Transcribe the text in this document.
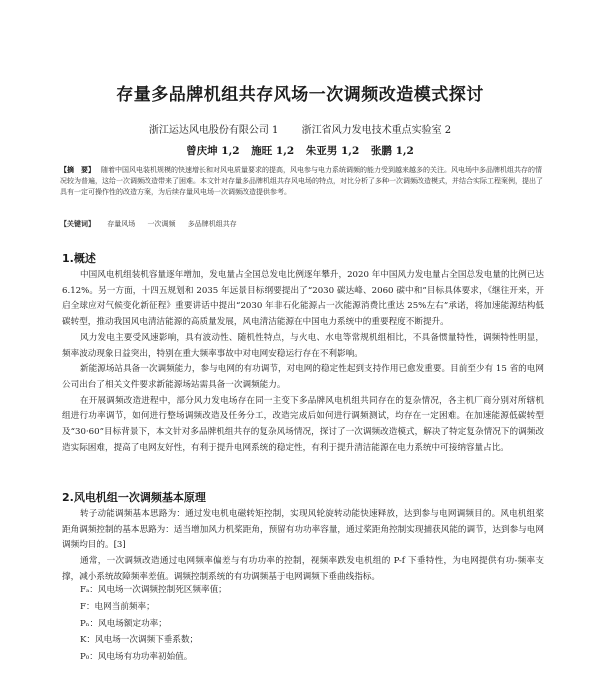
存量多品牌机组共存风场一次调频改造模式探讨
浙江运达风电股份有限公司 1 浙江省风力发电技术重点实验室 2
曾庆坤 1,2 施旺 1,2 朱亚男 1,2 张鹏 1,2
【摘　要】 随着中国风电装机规模的快速增长和对风电质量要求的提高，风电参与电力系统调频的能力受到越来越多的关注。风电场中多品牌机组共存的情况较为普遍，这给一次调频改造带来了困难。本文针对存量多品牌机组共存风电场的特点，对比分析了多种一次调频改造模式，并结合实际工程案例，提出了具有一定可操作性的改造方案，为后续存量风电场一次调频改造提供参考。
【关键词】 存量风场 一次调频 多品牌机组共存
1.概述

中国风电机组装机容量逐年增加，发电量占全国总发电比例逐年攀升，2020 年中国风力发电量占全国总发电量的比例已达 6.12%。另一方面，十四五规划和 2035 年远景目标纲要提出了“2030 碳达峰、2060 碳中和”目标具体要求，《继往开来，开启全球应对气候变化新征程》重要讲话中提出“2030 年非石化能源占一次能源消费比重达 25%左右”承诺，将加速能源结构低碳转型，推动我国风电清洁能源的高质量发展，风电清洁能源在中国电力系统中的重要程度不断提升。

风力发电主要受风速影响，具有波动性、随机性特点，与火电、水电等常规机组相比，不具备惯量特性，调频特性明显，频率波动现象日益突出，特别在重大频率事故中对电网安稳运行存在不利影响。

新能源场站具备一次调频能力，参与电网的有功调节，对电网的稳定性起到支持作用已愈发重要。目前至少有 15 省的电网公司出台了相关文件要求新能源场站需具备一次调频能力。

在开展调频改造进程中，部分风力发电场存在同一主变下多品牌风电机组共同存在的复杂情况，各主机厂商分别对所辖机组进行功率调节，如何进行整场调频改造及任务分工，改造完成后如何进行调频测试，均存在一定困难。在加速能源低碳转型及“30·60”目标背景下，本文针对多品牌机组共存的复杂风场情况，探讨了一次调频改造模式，解决了特定复杂情况下的调频改造实际困难，提高了电网友好性，有利于提升电网系统的稳定性，有利于提升清洁能源在电力系统中可接纳容量占比。

2.风电机组一次调频基本原理

转子动能调频基本思路为：通过发电机电磁转矩控制，实现风轮旋转动能快速释放，达到参与电网调频目的。风电机组桨距角调频控制的基本思路为：适当增加风力机桨距角，预留有功功率容量，通过桨距角控制实现捕获风能的调节，达到参与电网调频均目的。[3]

通常，一次调频改造通过电网频率偏差与有功功率的控制，视频率跌发电机组的 P-f 下垂特性，为电网提供有功-频率支撑，减小系统故障频率差值。调频控制系统的有功调频基于电网调频下垂曲线指标。

Fₐ：风电场一次调频控制死区频率值；
F：电网当前频率；
Pₙ：风电场额定功率；
K：风电场一次调频下垂系数；
P₀：风电场有功功率初始值。
